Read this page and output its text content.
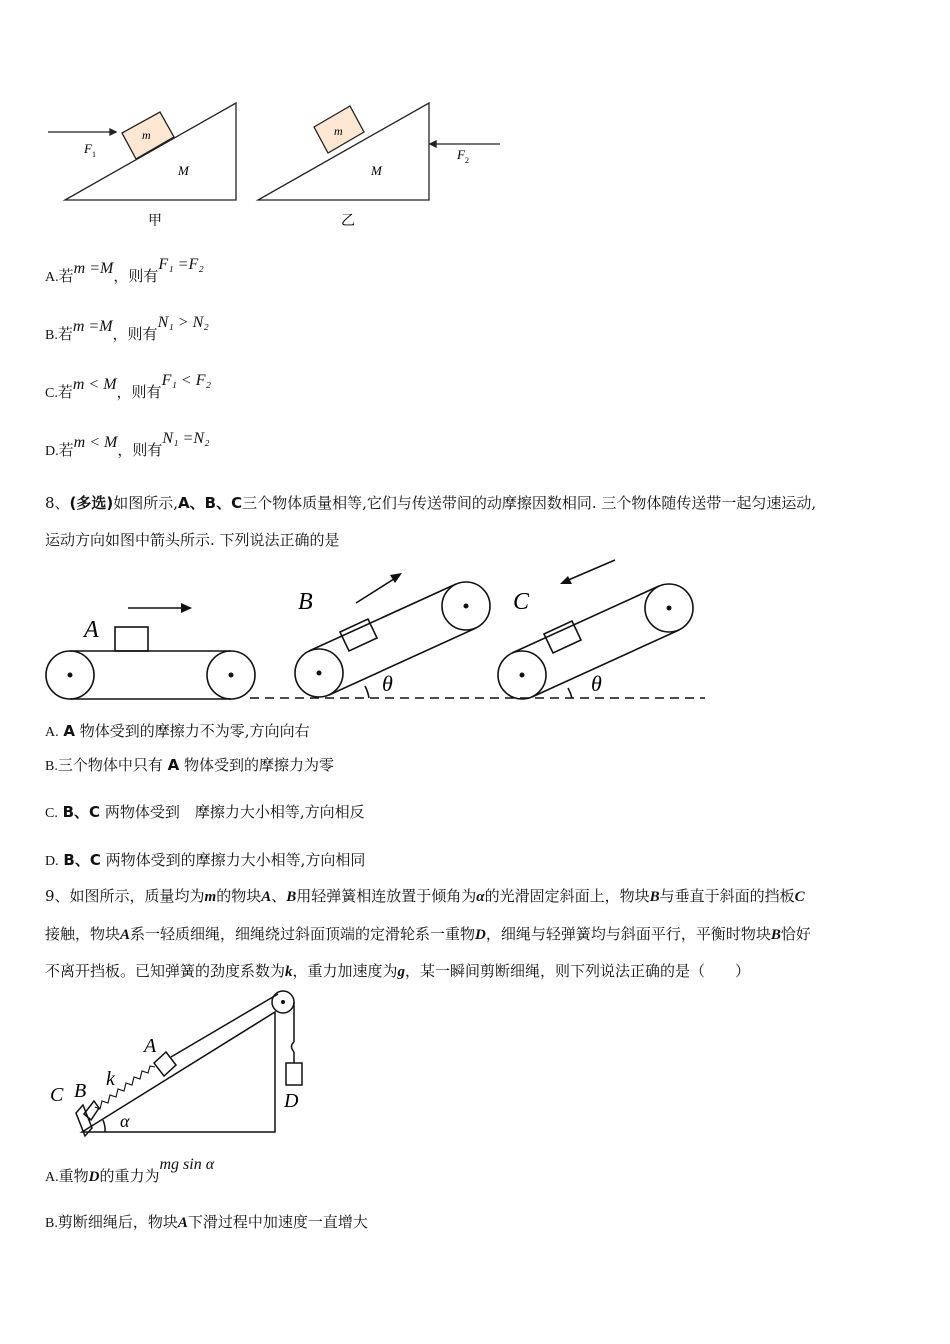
m
M
F 1
甲
m
M
F 2
乙
A.若m =M，则有F₁ =F₂
B.若m =M，则有N₁ > N₂
C.若m < M，则有F₁ < F₂
D.若m < M，则有N₁ =N₂
8、(多选)如图所示,A、B、C三个物体质量相等,它们与传送带间的动摩擦因数相同. 三个物体随传送带一起匀速运动,
运动方向如图中箭头所示. 下列说法正确的是
A
B	C
θ	θ
A. A 物体受到的摩擦力不为零,方向向右
B.三个物体中只有 A 物体受到的摩擦力为零
C. B、C 两物体受到　摩擦力大小相等,方向相反
D. B、C 两物体受到的摩擦力大小相等,方向相同
9、如图所示，质量均为m的物块A、B用轻弹簧相连放置于倾角为α的光滑固定斜面上，物块B与垂直于斜面的挡板C
接触，物块A系一轻质细绳，细绳绕过斜面顶端的定滑轮系一重物D，细绳与轻弹簧均与斜面平行，平衡时物块B恰好
不离开挡板。已知弹簧的劲度系数为k，重力加速度为g，某一瞬间剪断细绳，则下列说法正确的是（　　）
A
k
B
C	D
α
A.重物D的重力为mg sin α
B.剪断细绳后，物块A下滑过程中加速度一直增大
